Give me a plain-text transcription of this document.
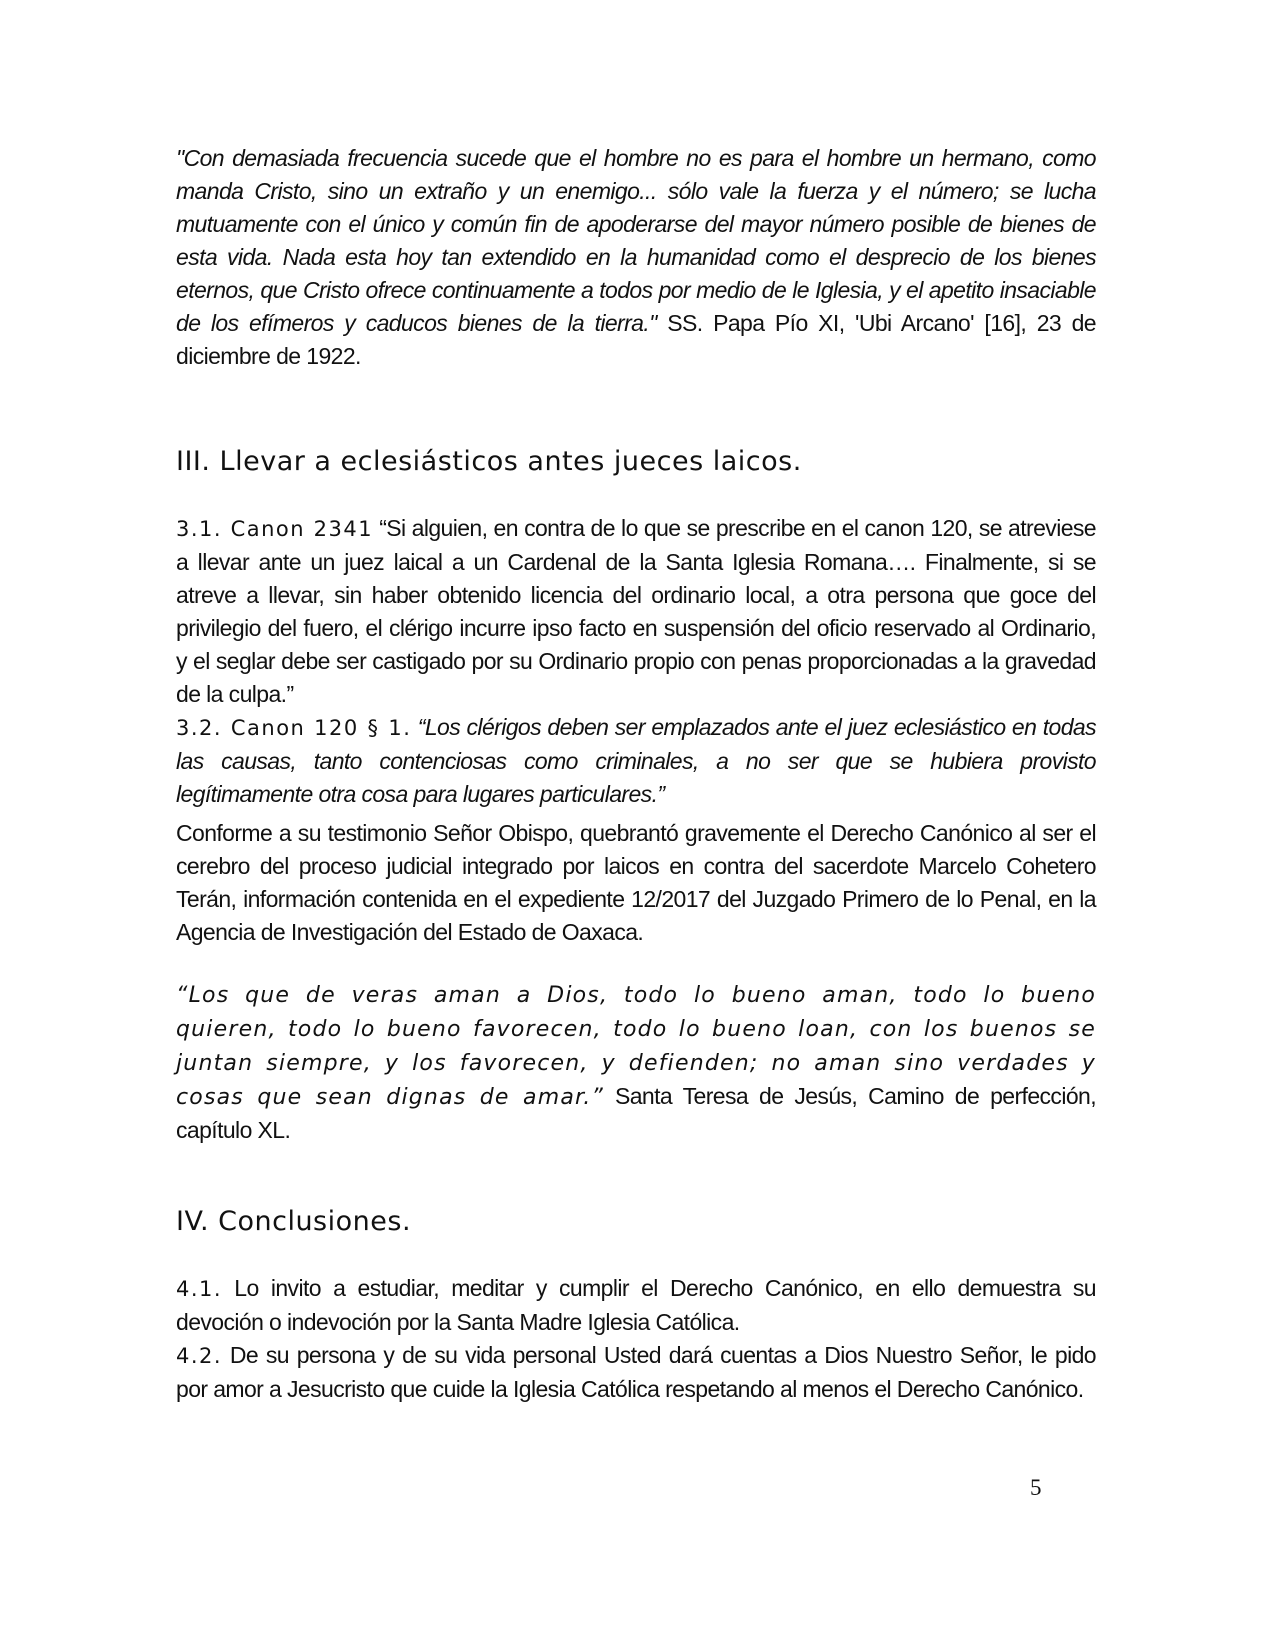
"Con demasiada frecuencia sucede que el hombre no es para el hombre un hermano, como manda Cristo, sino un extraño y un enemigo... sólo vale la fuerza y el número; se lucha mutuamente con el único y común fin de apoderarse del mayor número posible de bienes de esta vida. Nada esta hoy tan extendido en la humanidad como el desprecio de los bienes eternos, que Cristo ofrece continuamente a todos por medio de le Iglesia, y el apetito insaciable de los efímeros y caducos bienes de la tierra." SS. Papa Pío XI, 'Ubi Arcano' [16], 23 de diciembre de 1922.

III. Llevar a eclesiásticos antes jueces laicos.

3.1. Canon 2341 “Si alguien, en contra de lo que se prescribe en el canon 120, se atreviese a llevar ante un juez laical a un Cardenal de la Santa Iglesia Romana…. Finalmente, si se atreve a llevar, sin haber obtenido licencia del ordinario local, a otra persona que goce del privilegio del fuero, el clérigo incurre ipso facto en suspensión del oficio reservado al Ordinario, y el seglar debe ser castigado por su Ordinario propio con penas proporcionadas a la gravedad de la culpa.”
3.2. Canon 120 § 1. “Los clérigos deben ser emplazados ante el juez eclesiástico en todas las causas, tanto contenciosas como criminales, a no ser que se hubiera provisto legítimamente otra cosa para lugares particulares.”

Conforme a su testimonio Señor Obispo, quebrantó gravemente el Derecho Canónico al ser el cerebro del proceso judicial integrado por laicos en contra del sacerdote Marcelo Cohetero Terán, información contenida en el expediente 12/2017 del Juzgado Primero de lo Penal, en la Agencia de Investigación del Estado de Oaxaca.

“Los que de veras aman a Dios, todo lo bueno aman, todo lo bueno quieren, todo lo bueno favorecen, todo lo bueno loan, con los buenos se juntan siempre, y los favorecen, y defienden; no aman sino verdades y cosas que sean dignas de amar.” Santa Teresa de Jesús, Camino de perfección, capítulo XL.

IV. Conclusiones.

4.1. Lo invito a estudiar, meditar y cumplir el Derecho Canónico, en ello demuestra su devoción o indevoción por la Santa Madre Iglesia Católica.
4.2. De su persona y de su vida personal Usted dará cuentas a Dios Nuestro Señor, le pido por amor a Jesucristo que cuide la Iglesia Católica respetando al menos el Derecho Canónico.

5
